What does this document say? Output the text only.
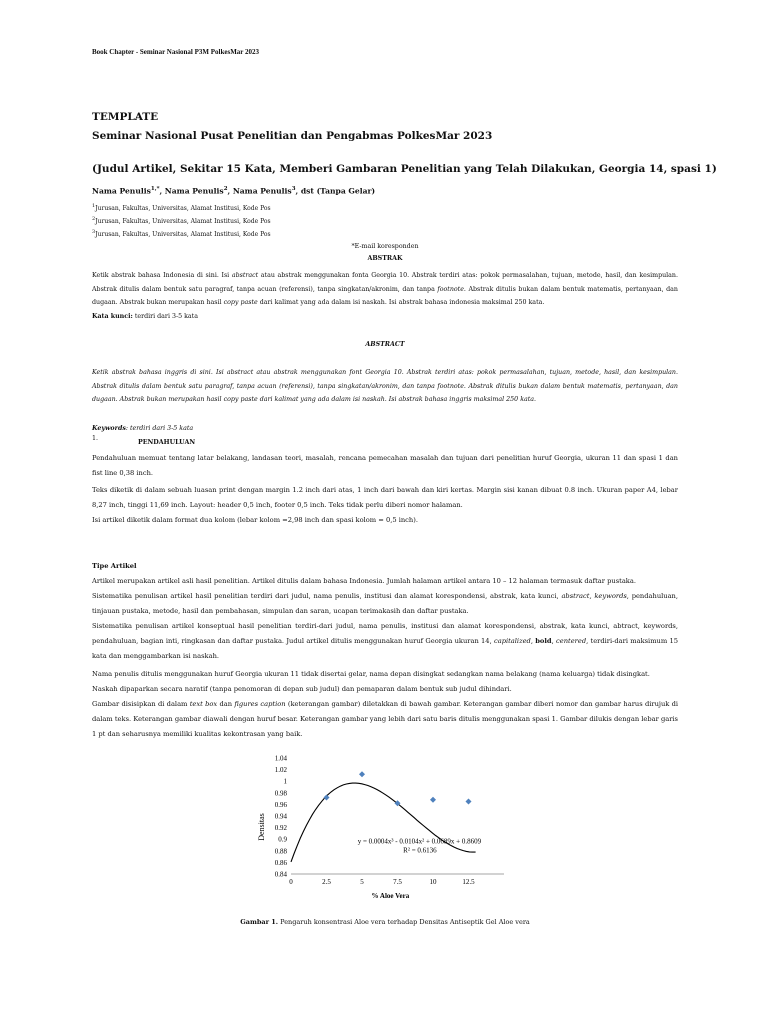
Book Chapter - Seminar Nasional P3M PolkesMar 2023
TEMPLATE
Seminar Nasional Pusat Penelitian dan Pengabmas PolkesMar 2023
(Judul Artikel, Sekitar 15 Kata, Memberi Gambaran Penelitian yang Telah Dilakukan, Georgia 14, spasi 1)
Nama Penulis$^{1,*}$, Nama Penulis$^2$, Nama Penulis$^3$, dst (Tanpa Gelar)
$^1$Jurusan, Fakultas, Universitas, Alamat Institusi, Kode Pos
$^2$Jurusan, Fakultas, Universitas, Alamat Institusi, Kode Pos
$^3$Jurusan, Fakultas, Universitas, Alamat Institusi, Kode Pos
*E-mail koresponden
ABSTRAK
Ketik abstrak bahasa Indonesia di sini. Isi abstract atau abstrak menggunakan fonta Georgia 10. Abstrak terdiri atas: pokok permasalahan, tujuan, metode, hasil, dan kesimpulan. Abstrak ditulis dalam bentuk satu paragraf, tanpa acuan (referensi), tanpa singkatan/akronim, dan tanpa footnote. Abstrak ditulis bukan dalam bentuk matematis, pertanyaan, dan dugaan. Abstrak bukan merupakan hasil copy paste dari kalimat yang ada dalam isi naskah. Isi abstrak bahasa indonesia maksimal 250 kata.
Kata kunci: terdiri dari 3-5 kata
ABSTRACT
Ketik abstrak bahasa inggris di sini. Isi abstract atau abstrak menggunakan font Georgia 10. Abstrak terdiri atas: pokok permasalahan, tujuan, metode, hasil, dan kesimpulan. Abstrak ditulis dalam bentuk satu paragraf, tanpa acuan (referensi), tanpa singkatan/akronim, dan tanpa footnote. Abstrak ditulis bukan dalam bentuk matematis, pertanyaan, dan dugaan. Abstrak bukan merupakan hasil copy paste dari kalimat yang ada dalam isi naskah. Isi abstrak bahasa inggris maksimal 250 kata.
Keywords: terdiri dari 3-5 kata
1.
PENDAHULUAN
Pendahuluan memuat tentang latar belakang, landasan teori, masalah, rencana pemecahan masalah dan tujuan dari penelitian huruf Georgia, ukuran 11 dan spasi 1 dan fist line 0,38 inch.
Teks diketik di dalam sebuah luasan print dengan margin 1.2 inch dari atas, 1 inch dari bawah dan kiri kertas. Margin sisi kanan dibuat 0.8 inch. Ukuran paper A4, lebar 8,27 inch, tinggi 11,69 inch. Layout: header 0,5 inch, footer 0,5 inch. Teks tidak perlu diberi nomor halaman.
Isi artikel diketik dalam format dua kolom (lebar kolom =2,98 inch dan spasi kolom = 0,5 inch).
Tipe Artikel
Artikel merupakan artikel asli hasil penelitian. Artikel ditulis dalam bahasa Indonesia. Jumlah halaman artikel antara 10 – 12 halaman termasuk daftar pustaka.
Sistematika penulisan artikel hasil penelitian terdiri dari judul, nama penulis, institusi dan alamat korespondensi, abstrak, kata kunci, abstract, keywords, pendahuluan, tinjauan pustaka, metode, hasil dan pembahasan, simpulan dan saran, ucapan terimakasih dan daftar pustaka.
Sistematika penulisan artikel konseptual hasil penelitian terdiri-dari judul, nama penulis, institusi dan alamat korespondensi, abstrak, kata kunci, abtract, keywords, pendahuluan, bagian inti, ringkasan dan daftar pustaka. Judul artikel ditulis menggunakan huruf Georgia ukuran 14, capitalized, bold, centered, terdiri-dari maksimum 15 kata dan menggambarkan isi naskah.
Nama penulis ditulis menggunakan huruf Georgia ukuran 11 tidak disertai gelar, nama depan disingkat sedangkan nama belakang (nama keluarga) tidak disingkat.
Naskah dipaparkan secara naratif (tanpa penomoran di depan sub judul) dan pemaparan dalam bentuk sub judul dihindari.
Gambar disisipkan di dalam text box dan figures caption (keterangan gambar) diletakkan di bawah gambar. Keterangan gambar diberi nomor dan gambar harus dirujuk di dalam teks. Keterangan gambar diawali dengan huruf besar. Keterangan gambar yang lebih dari satu baris ditulis menggunakan spasi 1. Gambar dilukis dengan lebar garis 1 pt dan seharusnya memiliki kualitas kekontrasan yang baik.
0.84
0.86
0.88
0.9
0.92
0.94
0.96
0.98
1
1.02
1.04
0	2.5	5	7.5	10	12.5
Densitas
% Aloe Vera
y = 0.0004x³ - 0.0104x² + 0.0689x + 0.8609
R² = 0.6136
Gambar 1. Pengaruh konsentrasi Aloe vera terhadap Densitas Antiseptik Gel Aloe vera
